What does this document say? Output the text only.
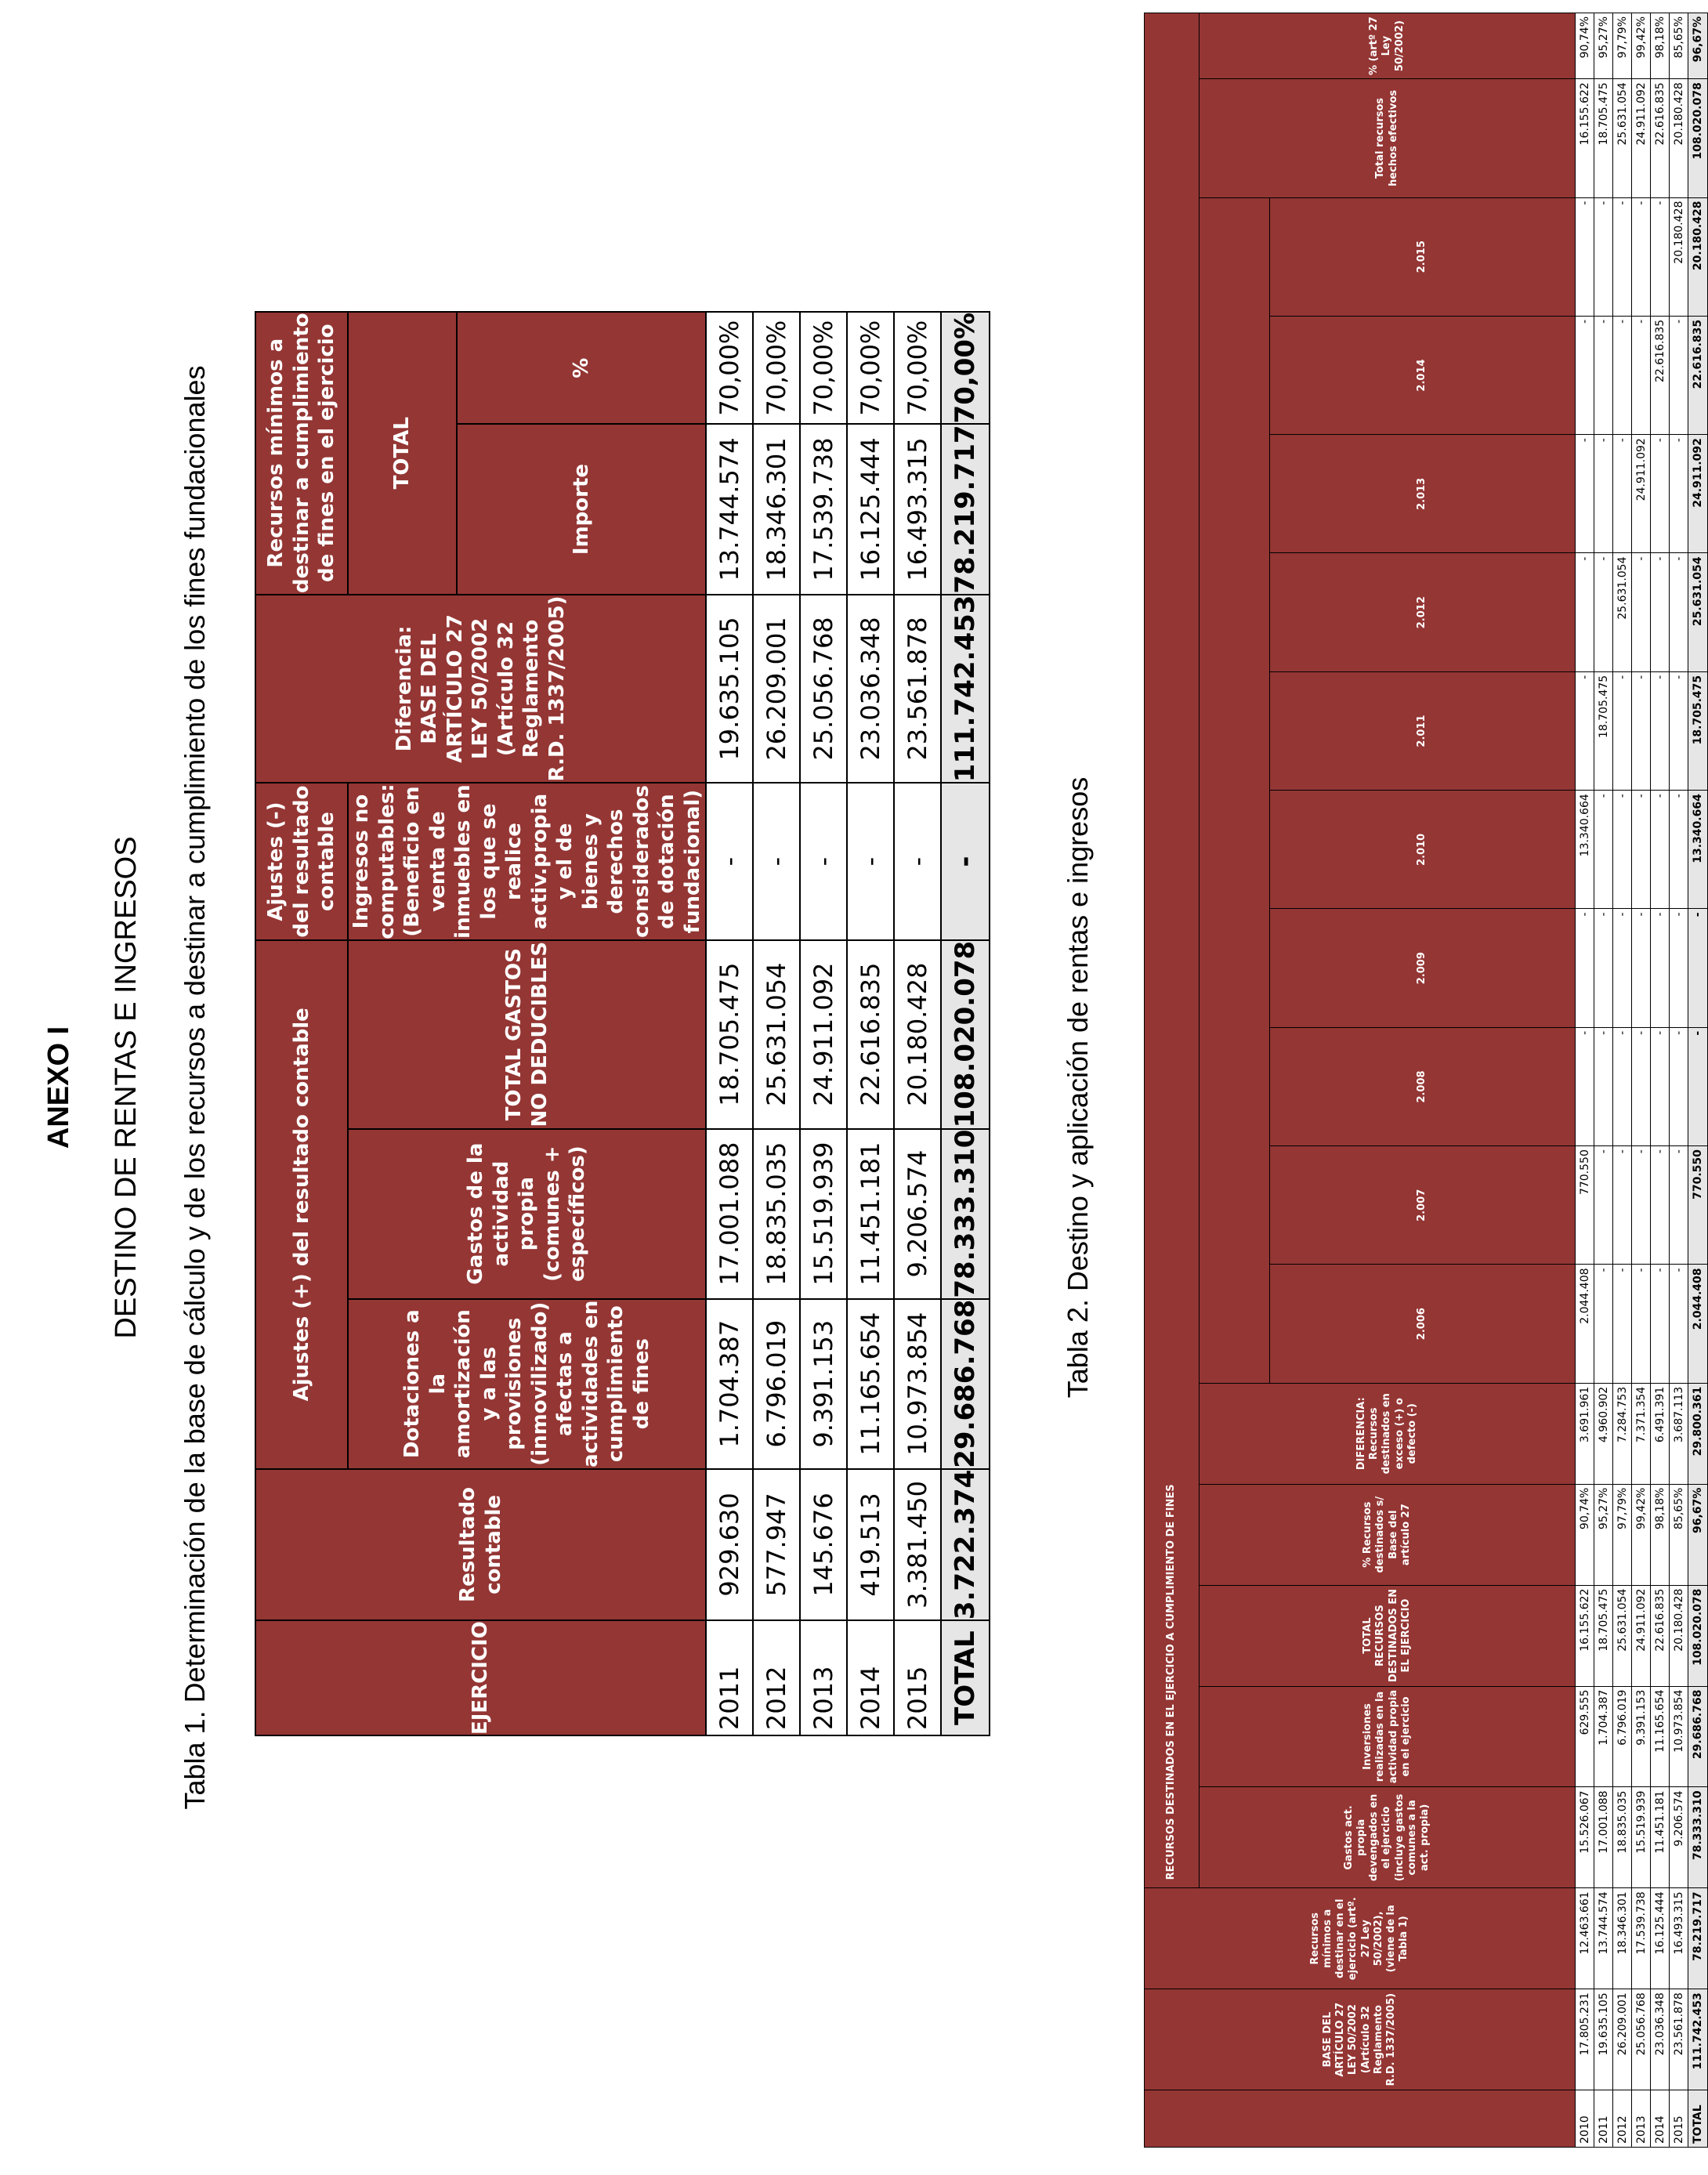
ANEXO I DESTINO DE RENTAS E INGRESOS Tabla 1. Determinación de la base de cálculo y de los recursos a destinar a cumplimiento de los fines fundacionales	EJERCICIO	Resultado contable	Ajustes (+) del resultado contable			Ajustes (-) del resultado contable	Diferencia: BASE DEL ARTÍCULO 27 LEY 50/2002 (Artículo 32 Reglamento R.D. 1337/2005)	Recursos mínimos a destinar a cumplimiento de fines en el ejercicio	
		Dotaciones a la amortización y a las provisiones (inmovilizado) afectas a actividades en cumplimiento de fines	Gastos de la actividad propia (comunes + específicos)	TOTAL GASTOS NO DEDUCIBLES	Ingresos no computables: (Beneficio en venta de inmuebles en los que se realice activ.propia y el de bienes y derechos considerados de dotación fundacional)		TOTAL	
							Importe	%
2011	929.630	1.704.387	17.001.088	18.705.475	-	19.635.105	13.744.574	70,00%
2012	577.947	6.796.019	18.835.035	25.631.054	-	26.209.001	18.346.301	70,00%
2013	145.676	9.391.153	15.519.939	24.911.092	-	25.056.768	17.539.738	70,00%
2014	419.513	11.165.654	11.451.181	22.616.835	-	23.036.348	16.125.444	70,00%
2015	3.381.450	10.973.854	9.206.574	20.180.428	-	23.561.878	16.493.315	70,00%
TOTAL	3.722.374	29.686.768	78.333.310	108.020.078	-	111.742.453	78.219.717	70,00%
Tabla 2. Destino y aplicación de rentas e ingresos
	BASE DEL ARTÍCULO 27 LEY 50/2002 (Artículo 32 Reglamento R.D. 1337/2005)	Recursos mínimos a destinar en el ejercicio (artº. 27 Ley 50/2002), (viene de la Tabla 1)	RECURSOS DESTINADOS EN EL EJERCICIO A CUMPLIMIENTO DE FINES																
			Gastos act. propia devengados en el ejercicio (incluye gastos comunes a la act. propia)	Inversiones realizadas en la actividad propia en el ejercicio	TOTAL RECURSOS DESTINADOS EN EL EJERCICIO	% Recursos destinados s/ Base del artículo 27	DIFERENCIA: Recursos destinados en exceso (+) o defecto (-)											Total recursos hechos efectivos	% (artº 27 Ley 50/2002)
								2.006	2.007	2.008	2.009	2.010	2.011	2.012	2.013	2.014	2.015		
2010	17.805.231	12.463.661	15.526.067	629.555	16.155.622	90,74%	3.691.961	2.044.408	770.550	-	-	13.340.664	-	-	-	-	-	16.155.622	90,74%
2011	19.635.105	13.744.574	17.001.088	1.704.387	18.705.475	95,27%	4.960.902	-	-	-	-	-	18.705.475	-	-	-	-	18.705.475	95,27%
2012	26.209.001	18.346.301	18.835.035	6.796.019	25.631.054	97,79%	7.284.753	-	-	-	-	-	-	25.631.054	-	-	-	25.631.054	97,79%
2013	25.056.768	17.539.738	15.519.939	9.391.153	24.911.092	99,42%	7.371.354	-	-	-	-	-	-	-	24.911.092	-	-	24.911.092	99,42%
2014	23.036.348	16.125.444	11.451.181	11.165.654	22.616.835	98,18%	6.491.391	-	-	-	-	-	-	-	-	22.616.835	-	22.616.835	98,18%
2015	23.561.878	16.493.315	9.206.574	10.973.854	20.180.428	85,65%	3.687.113	-	-	-	-	-	-	-	-	-	20.180.428	20.180.428	85,65%
TOTAL	111.742.453	78.219.717	78.333.310	29.686.768	108.020.078	96,67%	29.800.361	2.044.408	770.550	-	-	13.340.664	18.705.475	25.631.054	24.911.092	22.616.835	20.180.428	108.020.078	96,67%
